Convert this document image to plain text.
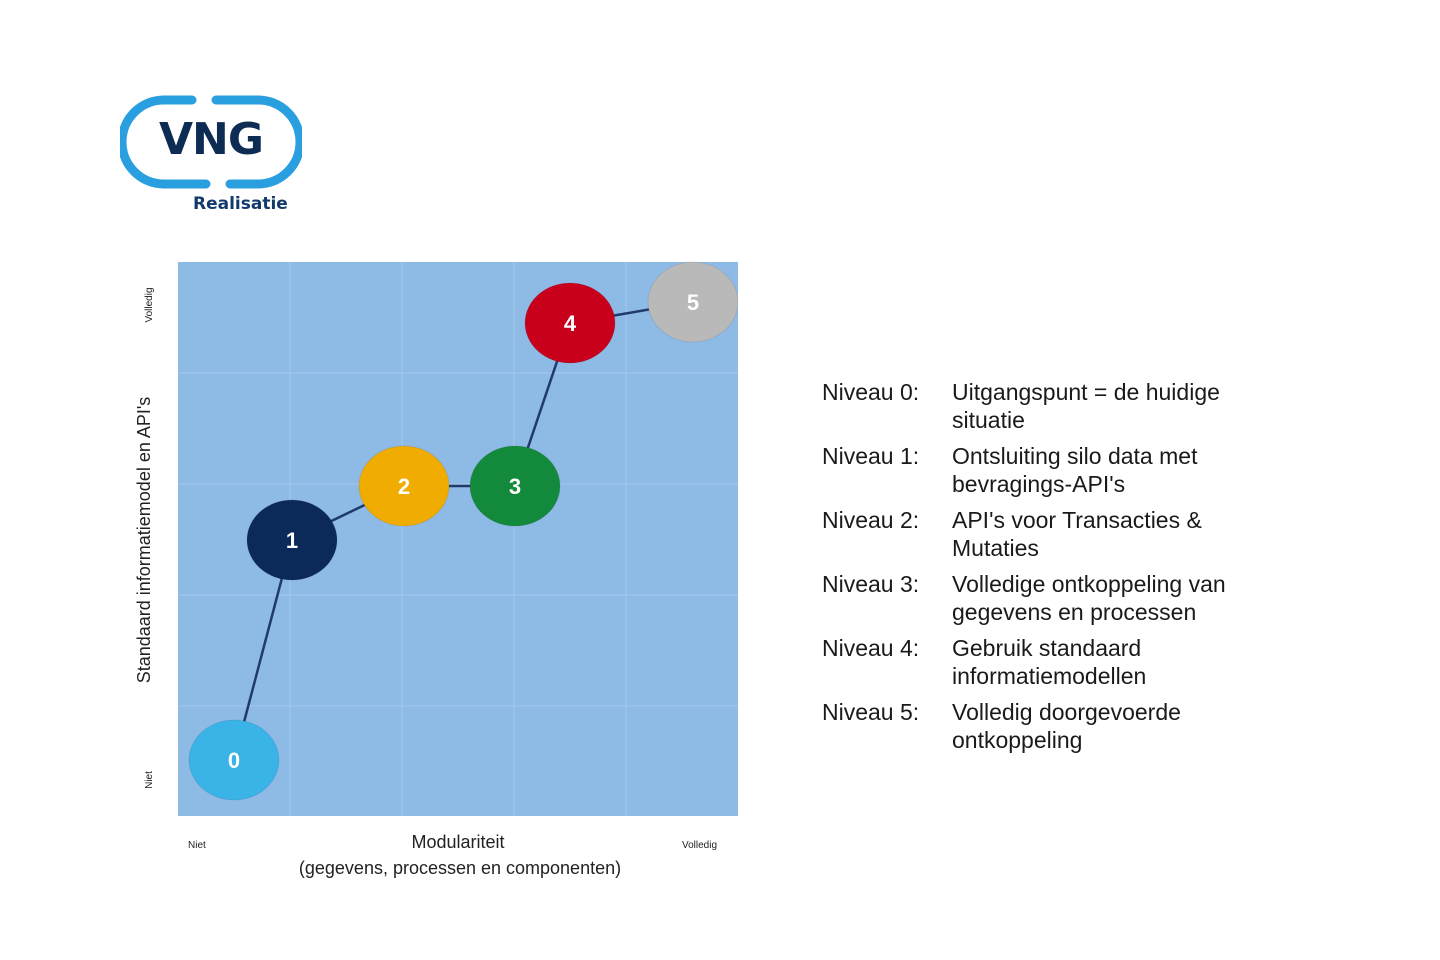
VNG
Realisatie
0
1
2	3
4
5
Standaard informatiemodel en API's
Niet
Volledig
Niet	Volledig
Modulariteit
(gegevens, processen en componenten)
Niveau 0:	Uitgangspunt = de huidige situatie
Niveau 1:	Ontsluiting silo data met bevragings-API's
Niveau 2:	API's voor Transacties & Mutaties
Niveau 3:	Volledige ontkoppeling van gegevens en processen
Niveau 4:	Gebruik standaard informatiemodellen
Niveau 5:	Volledig doorgevoerde ontkoppeling
